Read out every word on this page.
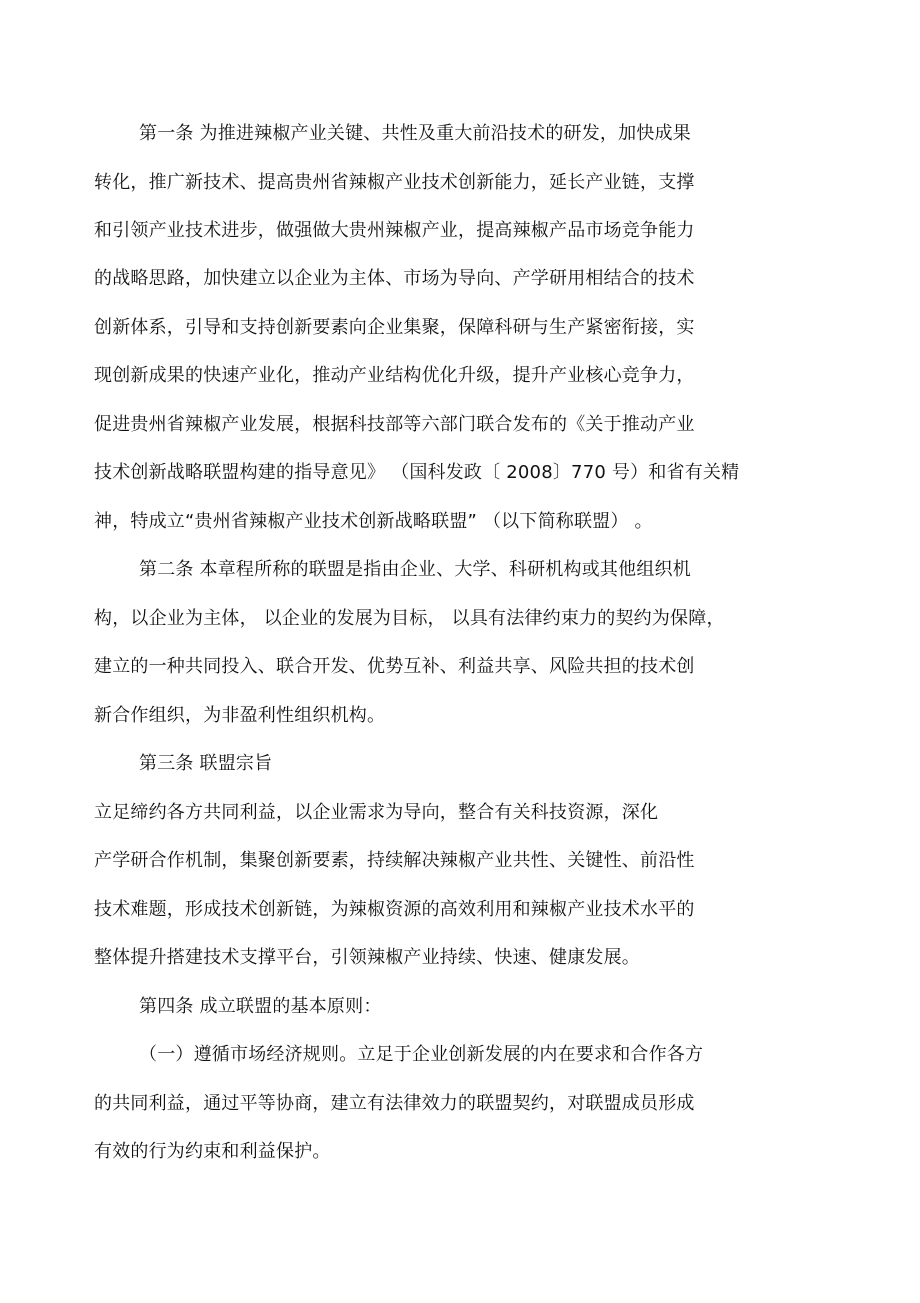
第一条 为推进辣椒产业关键、共性及重大前沿技术的研发，加快成果
转化，推广新技术、提高贵州省辣椒产业技术创新能力，延长产业链，支撑
和引领产业技术进步，做强做大贵州辣椒产业，提高辣椒产品市场竞争能力
的战略思路，加快建立以企业为主体、市场为导向、产学研用相结合的技术
创新体系，引导和支持创新要素向企业集聚，保障科研与生产紧密衔接，实
现创新成果的快速产业化，推动产业结构优化升级，提升产业核心竞争力，
促进贵州省辣椒产业发展，根据科技部等六部门联合发布的《关于推动产业
技术创新战略联盟构建的指导意见》 （国科发政〔 2008〕770 号）和省有关精
神，特成立“贵州省辣椒产业技术创新战略联盟” （以下简称联盟） 。
第二条 本章程所称的联盟是指由企业、大学、科研机构或其他组织机
构，以企业为主体， 以企业的发展为目标， 以具有法律约束力的契约为保障，
建立的一种共同投入、联合开发、优势互补、利益共享、风险共担的技术创
新合作组织，为非盈利性组织机构。
第三条 联盟宗旨
立足缔约各方共同利益，以企业需求为导向，整合有关科技资源，深化
产学研合作机制，集聚创新要素，持续解决辣椒产业共性、关键性、前沿性
技术难题，形成技术创新链，为辣椒资源的高效利用和辣椒产业技术水平的
整体提升搭建技术支撑平台，引领辣椒产业持续、快速、健康发展。
第四条 成立联盟的基本原则：
（一）遵循市场经济规则。立足于企业创新发展的内在要求和合作各方
的共同利益，通过平等协商，建立有法律效力的联盟契约，对联盟成员形成
有效的行为约束和利益保护。
